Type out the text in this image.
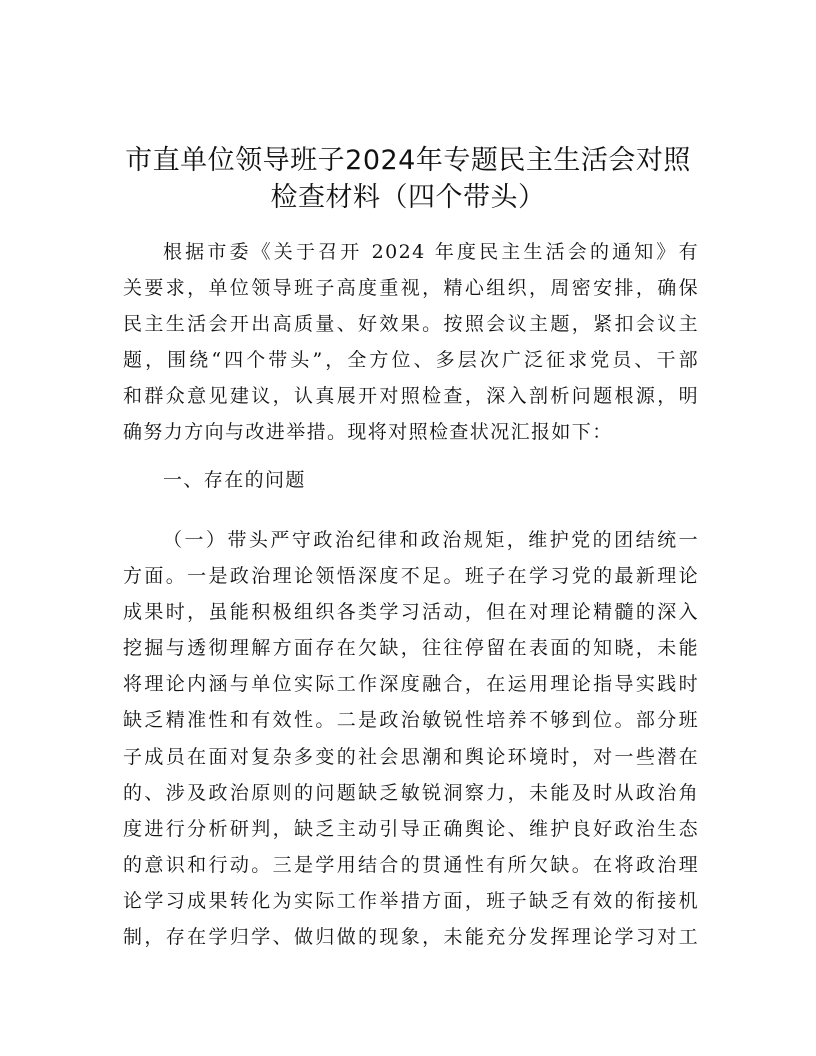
市直单位领导班子2024年专题民主生活会对照
检查材料（四个带头）
根据市委《关于召开 2024 年度民主生活会的通知》有
关要求，单位领导班子高度重视，精心组织，周密安排，确保
民主生活会开出高质量、好效果。按照会议主题，紧扣会议主
题，围绕“四个带头”，全方位、多层次广泛征求党员、干部
和群众意见建议，认真展开对照检查，深入剖析问题根源，明
确努力方向与改进举措。现将对照检查状况汇报如下：
一、存在的问题
（一）带头严守政治纪律和政治规矩，维护党的团结统一
方面。一是政治理论领悟深度不足。班子在学习党的最新理论
成果时，虽能积极组织各类学习活动，但在对理论精髓的深入
挖掘与透彻理解方面存在欠缺，往往停留在表面的知晓，未能
将理论内涵与单位实际工作深度融合，在运用理论指导实践时
缺乏精准性和有效性。二是政治敏锐性培养不够到位。部分班
子成员在面对复杂多变的社会思潮和舆论环境时，对一些潜在
的、涉及政治原则的问题缺乏敏锐洞察力，未能及时从政治角
度进行分析研判，缺乏主动引导正确舆论、维护良好政治生态
的意识和行动。三是学用结合的贯通性有所欠缺。在将政治理
论学习成果转化为实际工作举措方面，班子缺乏有效的衔接机
制，存在学归学、做归做的现象，未能充分发挥理论学习对工
